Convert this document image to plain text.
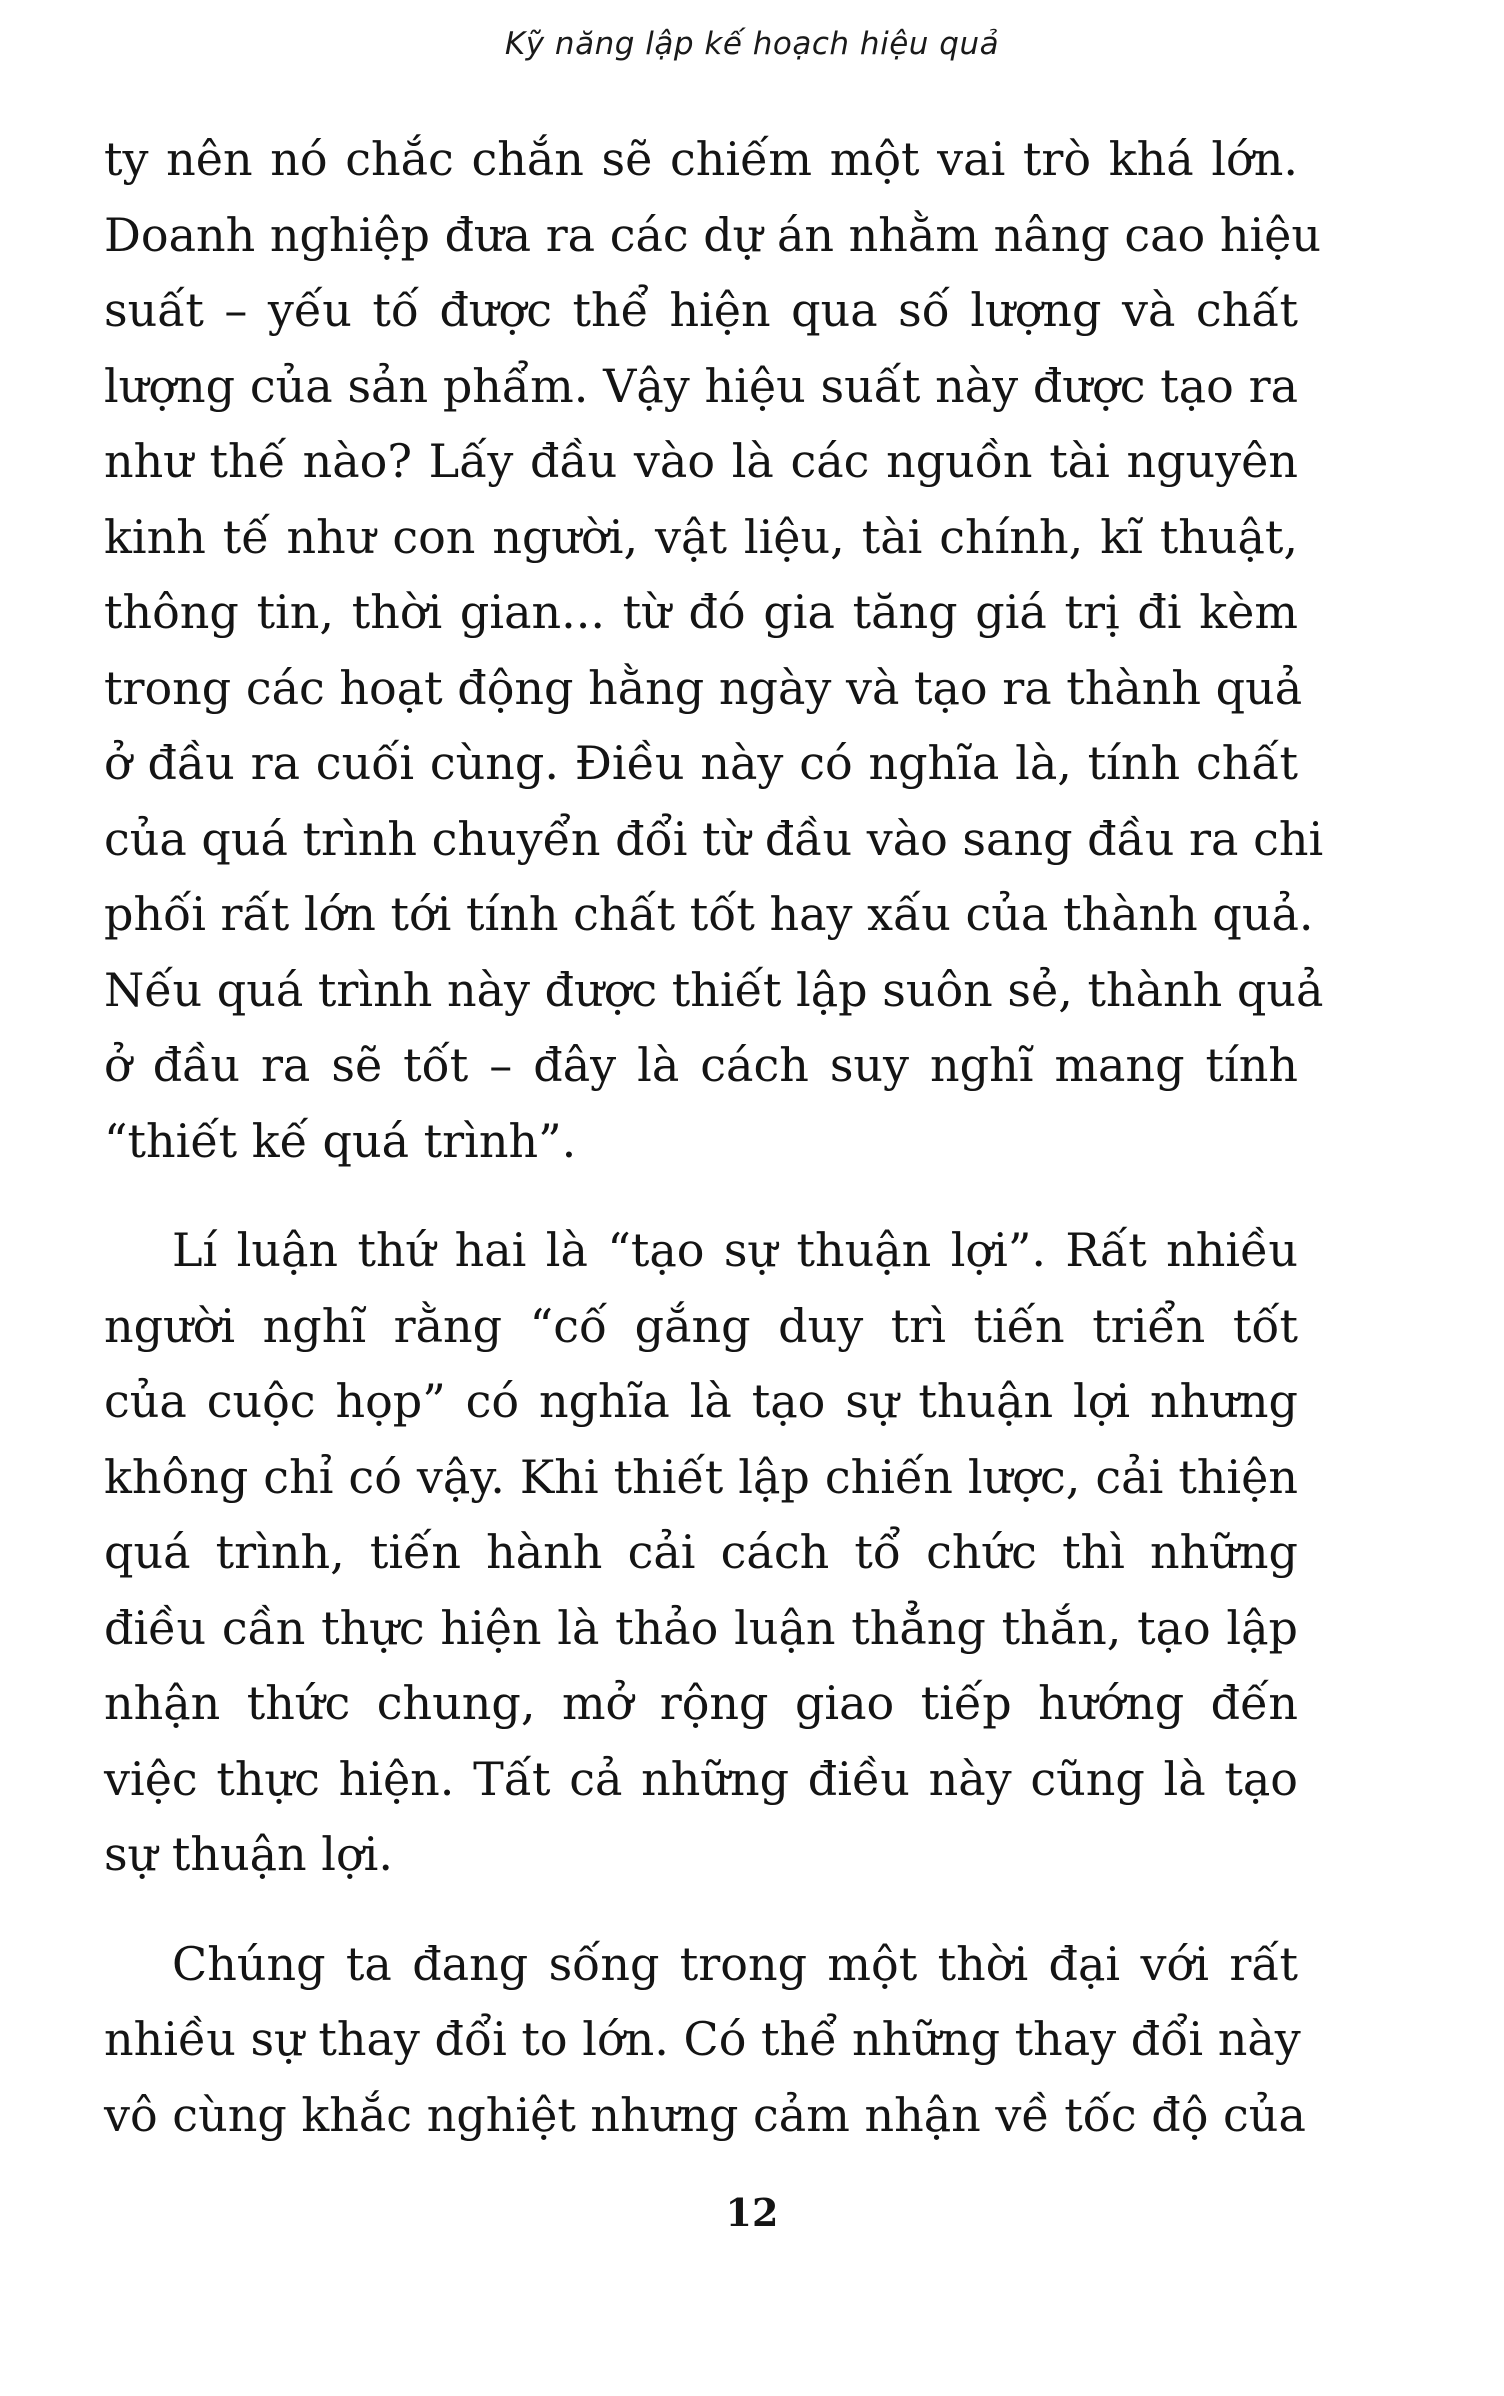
Kỹ năng lập kế hoạch hiệu quả

ty nên nó chắc chắn sẽ chiếm một vai trò khá lớn.
Doanh nghiệp đưa ra các dự án nhằm nâng cao hiệu
suất – yếu tố được thể hiện qua số lượng và chất
lượng của sản phẩm. Vậy hiệu suất này được tạo ra
như thế nào? Lấy đầu vào là các nguồn tài nguyên
kinh tế như con người, vật liệu, tài chính, kĩ thuật,
thông tin, thời gian... từ đó gia tăng giá trị đi kèm
trong các hoạt động hằng ngày và tạo ra thành quả
ở đầu ra cuối cùng. Điều này có nghĩa là, tính chất
của quá trình chuyển đổi từ đầu vào sang đầu ra chi
phối rất lớn tới tính chất tốt hay xấu của thành quả.
Nếu quá trình này được thiết lập suôn sẻ, thành quả
ở đầu ra sẽ tốt – đây là cách suy nghĩ mang tính
“thiết kế quá trình”.

Lí luận thứ hai là “tạo sự thuận lợi”. Rất nhiều
người nghĩ rằng “cố gắng duy trì tiến triển tốt
của cuộc họp” có nghĩa là tạo sự thuận lợi nhưng
không chỉ có vậy. Khi thiết lập chiến lược, cải thiện
quá trình, tiến hành cải cách tổ chức thì những
điều cần thực hiện là thảo luận thẳng thắn, tạo lập
nhận thức chung, mở rộng giao tiếp hướng đến
việc thực hiện. Tất cả những điều này cũng là tạo
sự thuận lợi.

Chúng ta đang sống trong một thời đại với rất
nhiều sự thay đổi to lớn. Có thể những thay đổi này
vô cùng khắc nghiệt nhưng cảm nhận về tốc độ của

12
